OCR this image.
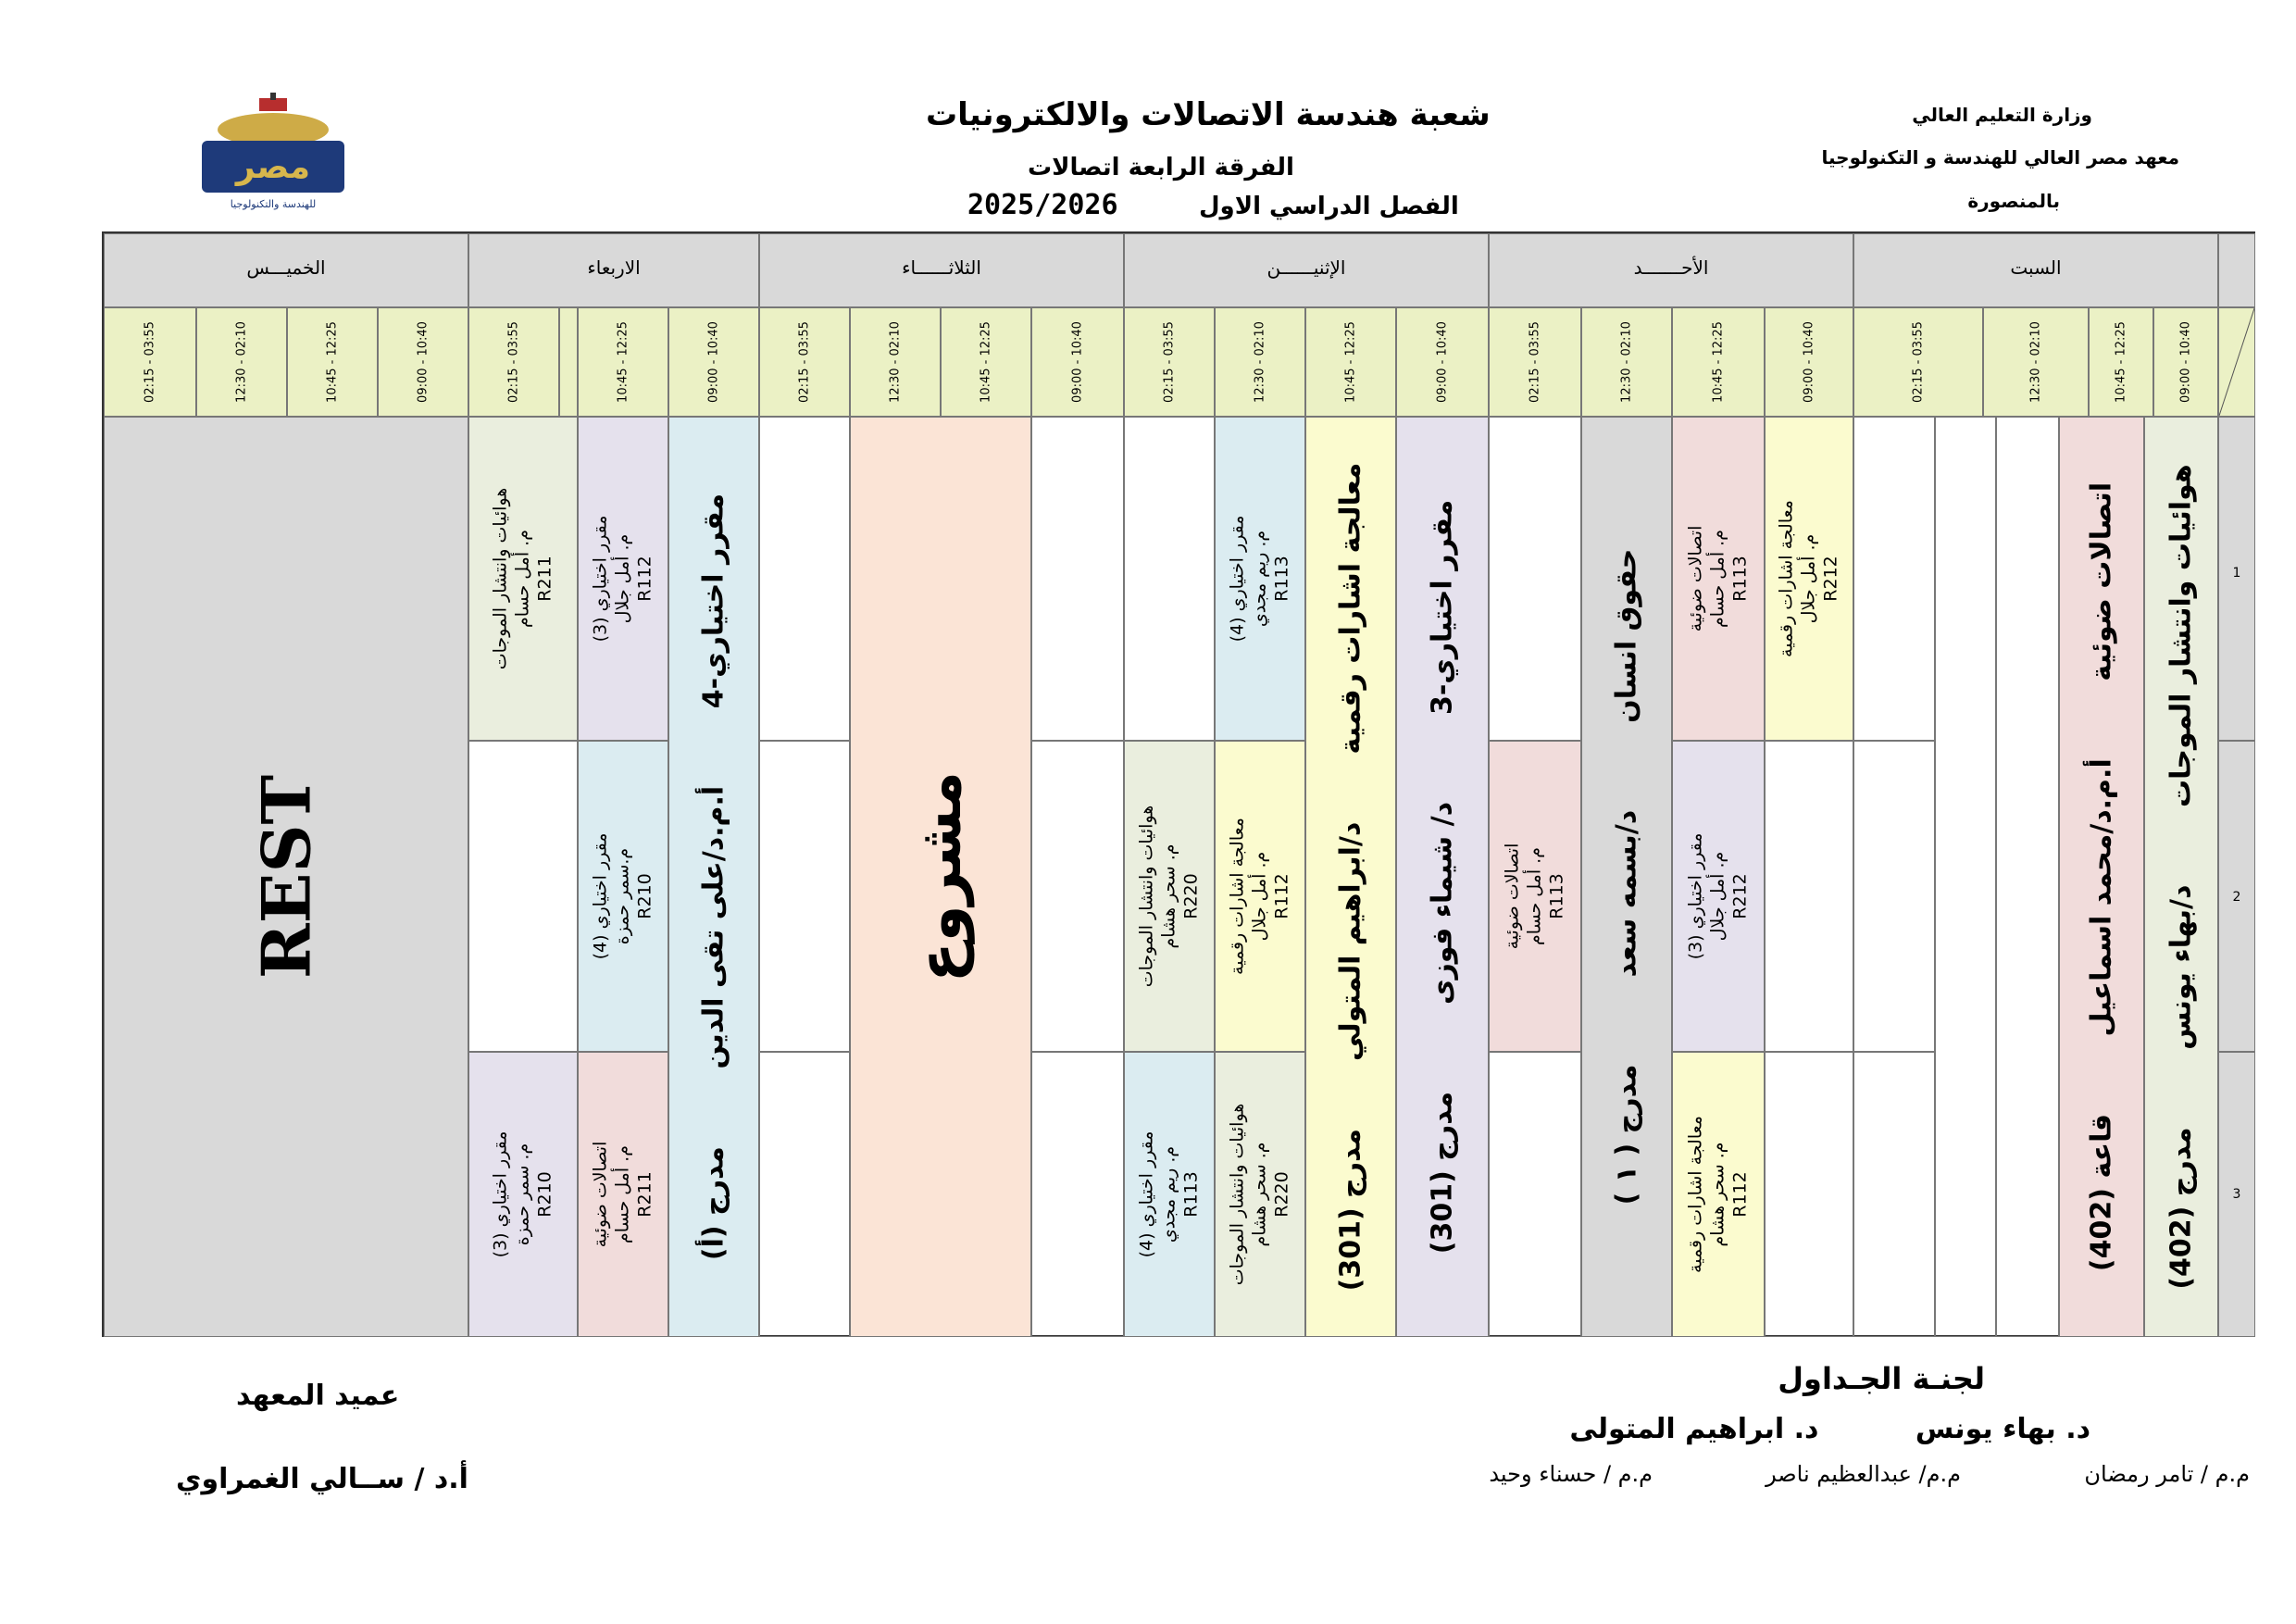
وزارة التعليم العالي
معهد مصر العالي للهندسة و التكنولوجيا
بالمنصورة
شعبة هندسة الاتصالات والالكترونيات
الفرقة الرابعة اتصالات
الفصل الدراسي الاول
2025/2026
مصر
للهندسة والتكنولوجيا
السبت
الأحـــــــد
الإثنيــــــن
الثلاثــــــاء
الاربعاء
الخميـــس
09:00 - 10:40
10:45 - 12:25
12:30 - 02:10
02:15 - 03:55
09:00 - 10:40
10:45 - 12:25
12:30 - 02:10
02:15 - 03:55
09:00 - 10:40
10:45 - 12:25
12:30 - 02:10
02:15 - 03:55
09:00 - 10:40
10:45 - 12:25
12:30 - 02:10
02:15 - 03:55
09:00 - 10:40
10:45 - 12:25
02:15 - 03:55
09:00 - 10:40
10:45 - 12:25
12:30 - 02:10
02:15 - 03:55
1
2
3
هوائيات وانتشار الموجات        د/بهاء يونس        مدرج (402)
اتصالات ضوئية        أ.م.د/محمد اسماعيل        قاعة (402)
معالجة اشارات رقمية م. أمل جلال R212
اتصالات ضوئية م. أمل حسام R113
مقرر اختياري (3) م. أمل جلال R212
معالجة اشارات رقمية م. سحر هشام R112
حقوق انسان         د/بسمه سعد         مدرج ( ١ )
اتصالات ضوئية م. أمل حسام R113
مقرر اختياري-3         د/ شيماء فوزى         مدرج (301)
معالجة اشارات رقمية       د/ابراهيم المتولي       مدرج (301)
مقرر اختياري (4) م. ريم مجدي R113
معالجة اشارات رقمية م. أمل جلال R112
هوائيات وانتشار الموجات م. سحر هشام R220
هوائيات وانتشار الموجات م. سحر هشام R220
مقرر اختياري (4) م. ريم مجدي R113
مشروع
مقرر اختياري-4        أ.م.د/على تقى الدين        مدرج (أ)
مقرر اختياري (3) م. أمل جلال R112
مقرر اختياري (4) م.سمر حمزة R210
اتصالات ضوئية م. أمل حسام R211
هوائيات وانتشار الموجات م. أمل حسام R211
مقرر اختياري (3) م. سمر حمزة R210
REST
لجنـة الجـداول
د. بهاء يونس          د. ابراهيم المتولى
م.م / تامر رمضان
م.م/ عبدالعظيم ناصر
م.م / حسناء وحيد
عميد المعهد
أ.د / ســالي الغمراوي
